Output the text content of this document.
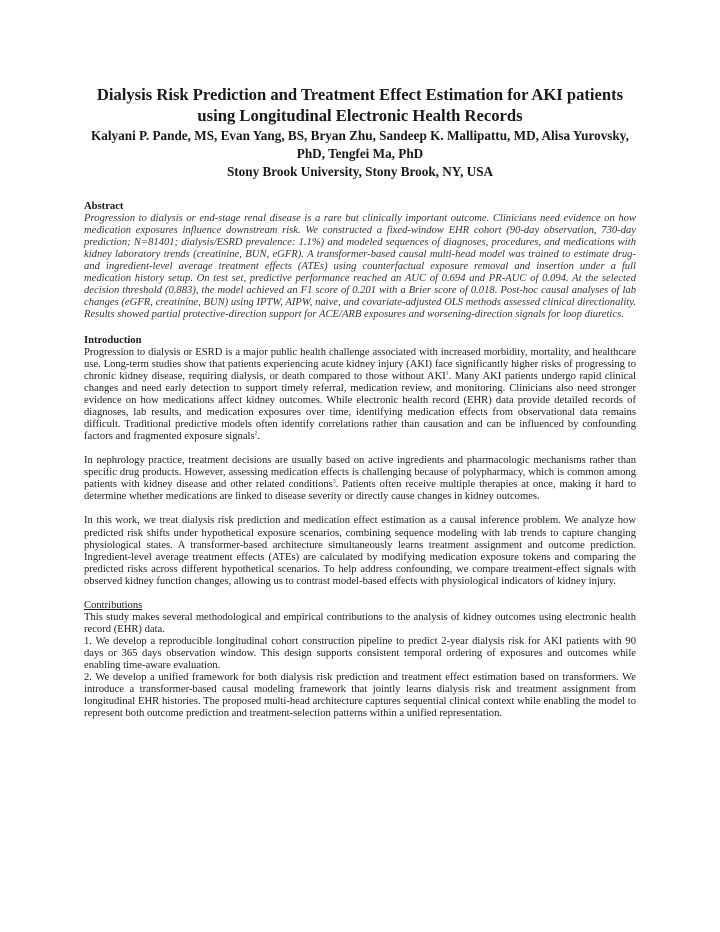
Dialysis Risk Prediction and Treatment Effect Estimation for AKI patients using Longitudinal Electronic Health Records

Kalyani P. Pande, MS, Evan Yang, BS, Bryan Zhu, Sandeep K. Mallipattu, MD, Alisa Yurovsky, PhD, Tengfei Ma, PhD

Stony Brook University, Stony Brook, NY, USA

Abstract

Progression to dialysis or end-stage renal disease is a rare but clinically important outcome. Clinicians need evidence on how medication exposures influence downstream risk. We constructed a fixed-window EHR cohort (90-day observation, 730-day prediction; N=81401; dialysis/ESRD prevalence: 1.1%) and modeled sequences of diagnoses, procedures, and medications with kidney laboratory trends (creatinine, BUN, eGFR). A transformer-based causal multi-head model was trained to estimate drug- and ingredient-level average treatment effects (ATEs) using counterfactual exposure removal and insertion under a full medication history setup. On test set, predictive performance reached an AUC of 0.694 and PR-AUC of 0.094. At the selected decision threshold (0.883), the model achieved an F1 score of 0.201 with a Brier score of 0.018. Post-hoc causal analyses of lab changes (eGFR, creatinine, BUN) using IPTW, AIPW, naive, and covariate-adjusted OLS methods assessed clinical directionality. Results showed partial protective-direction support for ACE/ARB exposures and worsening-direction signals for loop diuretics.

Introduction

Progression to dialysis or ESRD is a major public health challenge associated with increased morbidity, mortality, and healthcare use. Long-term studies show that patients experiencing acute kidney injury (AKI) face significantly higher risks of progressing to chronic kidney disease, requiring dialysis, or death compared to those without AKI$^1$. Many AKI patients undergo rapid clinical changes and need early detection to support timely referral, medication review, and monitoring. Clinicians also need stronger evidence on how medications affect kidney outcomes. While electronic health record (EHR) data provide detailed records of diagnoses, lab results, and medication exposures over time, identifying medication effects from observational data remains difficult. Traditional predictive models often identify correlations rather than causation and can be influenced by confounding factors and fragmented exposure signals$^2$.

In nephrology practice, treatment decisions are usually based on active ingredients and pharmacologic mechanisms rather than specific drug products. However, assessing medication effects is challenging because of polypharmacy, which is common among patients with kidney disease and other related conditions$^3$. Patients often receive multiple therapies at once, making it hard to determine whether medications are linked to disease severity or directly cause changes in kidney outcomes.

In this work, we treat dialysis risk prediction and medication effect estimation as a causal inference problem. We analyze how predicted risk shifts under hypothetical exposure scenarios, combining sequence modeling with lab trends to capture changing physiological states. A transformer-based architecture simultaneously learns treatment assignment and outcome prediction. Ingredient-level average treatment effects (ATEs) are calculated by modifying medication exposure tokens and comparing the predicted risks across different hypothetical scenarios. To help address confounding, we compare treatment-effect signals with observed kidney function changes, allowing us to contrast model-based effects with physiological indicators of kidney injury.

Contributions

This study makes several methodological and empirical contributions to the analysis of kidney outcomes using electronic health record (EHR) data.

1. We develop a reproducible longitudinal cohort construction pipeline to predict 2-year dialysis risk for AKI patients with 90 days or 365 days observation window. This design supports consistent temporal ordering of exposures and outcomes while enabling time-aware evaluation.

2. We develop a unified framework for both dialysis risk prediction and treatment effect estimation based on transformers. We introduce a transformer-based causal modeling framework that jointly learns dialysis risk and treatment assignment from longitudinal EHR histories. The proposed multi-head architecture captures sequential clinical context while enabling the model to represent both outcome prediction and treatment-selection patterns within a unified representation.
